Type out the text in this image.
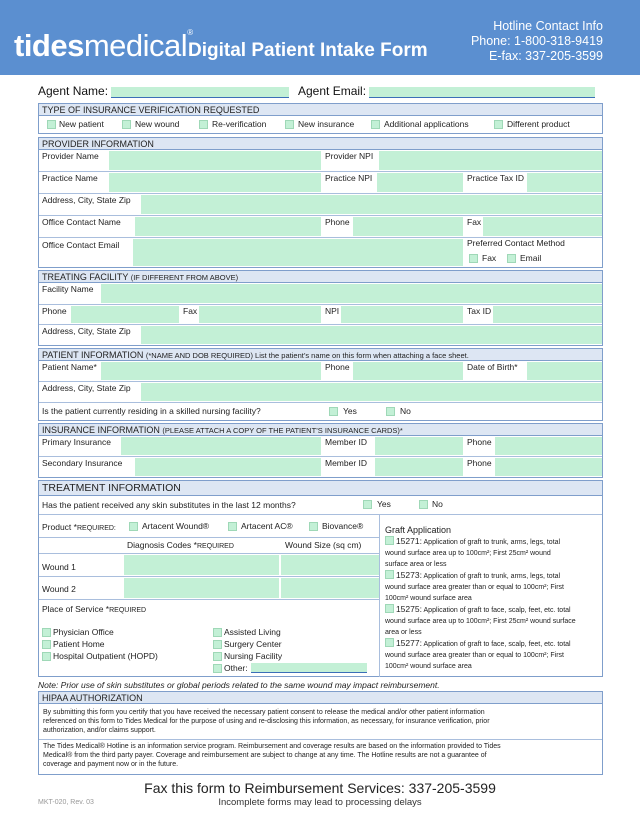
tidesmedical®
Digital Patient Intake Form
Hotline Contact Info
Phone: 1-800-318-9419
E-fax: 337-205-3599
Agent Name:	Agent Email:
TYPE OF INSURANCE VERIFICATION REQUESTED
New patient	New wound	Re-verification	New insurance	Additional applications	Different product
PROVIDER INFORMATION
Provider Name	Provider NPI
Practice Name	Practice NPI	Practice Tax ID
Address, City, State Zip
Office Contact Name	Phone	Fax
Office Contact Email	Preferred Contact Method
Fax	Email
TREATING FACILITY (IF DIFFERENT FROM ABOVE)
Facility Name
Phone	Fax	NPI	Tax ID
Address, City, State Zip
PATIENT INFORMATION (*NAME AND DOB REQUIRED) List the patient’s name on this form when attaching a face sheet.
Patient Name*	Phone	Date of Birth*
Address, City, State Zip
Is the patient currently residing in a skilled nursing facility?	Yes	No
INSURANCE INFORMATION (PLEASE ATTACH A COPY OF THE PATIENT’S INSURANCE CARDS)*
Primary Insurance	Member ID	Phone
Secondary Insurance	Member ID	Phone
TREATMENT INFORMATION
Has the patient received any skin substitutes in the last 12 months?	Yes	No
Product *REQUIRED:	Artacent Wound®	Artacent AC®	Biovance®
Diagnosis Codes *REQUIRED	Wound Size (sq cm)
Wound 1
Wound 2
Place of Service *REQUIRED
Physician Office
Patient Home
Hospital Outpatient (HOPD)
Assisted Living
Surgery Center
Nursing Facility
Other:
Graft Application
15271: Application of graft to trunk, arms, legs, total
wound surface area up to 100cm²; First 25cm² wound
surface area or less
15273: Application of graft to trunk, arms, legs, total
wound surface area greater than or equal to 100cm²; First
100cm² wound surface area
15275: Application of graft to face, scalp, feet, etc. total
wound surface area up to 100cm²; First 25cm² wound surface
area or less
15277: Application of graft to face, scalp, feet, etc. total
wound surface area greater than or equal to 100cm²; First
100cm² wound surface area
Note: Prior use of skin substitutes or global periods related to the same wound may impact reimbursement.
HIPAA AUTHORIZATION
By submitting this form you certify that you have received the necessary patient consent to release the medical and/or other patient information
referenced on this form to Tides Medical for the purpose of using and re-disclosing this information, as necessary, for insurance verification, prior
authorization, and/or claims support.
The Tides Medical® Hotline is an information service program. Reimbursement and coverage results are based on the information provided to Tides
Medical® from the third party payer. Coverage and reimbursement are subject to change at any time. The Hotline results are not a guarantee of
coverage and payment now or in the future.
Fax this form to Reimbursement Services: 337-205-3599
Incomplete forms may lead to processing delays
MKT-020, Rev. 03
